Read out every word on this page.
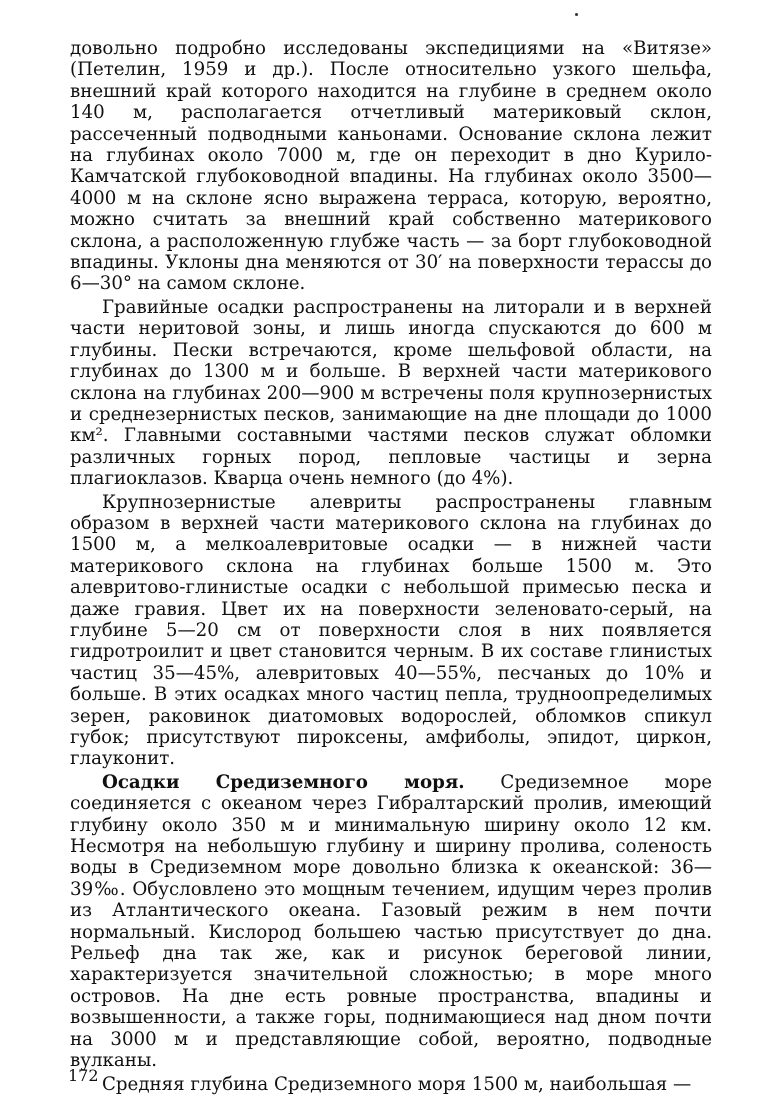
довольно подробно исследованы экспедициями на «Витязе» (Петелин, 1959 и др.). После относительно узкого шельфа, внешний край которого находится на глубине в среднем около 140 м, располагается отчетливый материковый склон, рассеченный подводными каньонами. Основание склона лежит на глубинах около 7000 м, где он переходит в дно Курило-Камчатской глубоководной впадины. На глубинах около 3500—4000 м на склоне ясно выражена терраса, которую, вероятно, можно считать за внешний край собственно материкового склона, а расположенную глубже часть — за борт глубоководной впадины. Уклоны дна меняются от 30′ на поверхности терассы до 6—30° на самом склоне.

Гравийные осадки распространены на литорали и в верхней части неритовой зоны, и лишь иногда спускаются до 600 м глубины. Пески встречаются, кроме шельфовой области, на глубинах до 1300 м и больше. В верхней части материкового склона на глубинах 200—900 м встречены поля крупнозернистых и среднезернистых песков, занимающие на дне площади до 1000 км². Главными составными частями песков служат обломки различных горных пород, пепловые частицы и зерна плагиоклазов. Кварца очень немного (до 4%).

Крупнозернистые алевриты распространены главным образом в верхней части материкового склона на глубинах до 1500 м, а мелкоалевритовые осадки — в нижней части материкового склона на глубинах больше 1500 м. Это алевритово-глинистые осадки с небольшой примесью песка и даже гравия. Цвет их на поверхности зеленовато-серый, на глубине 5—20 см от поверхности слоя в них появляется гидротроилит и цвет становится черным. В их составе глинистых частиц 35—45%, алевритовых 40—55%, песчаных до 10% и больше. В этих осадках много частиц пепла, труднoопределимых зерен, раковинок диатомовых водорослей, обломков спикул губок; присутствуют пироксены, амфиболы, эпидот, циркон, глауконит.

Осадки Средиземного моря. Средиземное море соединяется с океаном через Гибралтарский пролив, имеющий глубину около 350 м и минимальную ширину около 12 км. Несмотря на небольшую глубину и ширину пролива, соленость воды в Средиземном море довольно близка к океанской: 36—39‰. Обусловлено это мощным течением, идущим через пролив из Атлантического океана. Газовый режим в нем почти нормальный. Кислород большею частью присутствует до дна. Рельеф дна так же, как и рисунок береговой линии, характеризуется значительной сложностью; в море много островов. На дне есть ровные пространства, впадины и возвышенности, а также горы, поднимающиеся над дном почти на 3000 м и представляющие собой, вероятно, подводные вулканы.

Средняя глубина Средиземного моря 1500 м, наибольшая —

172
